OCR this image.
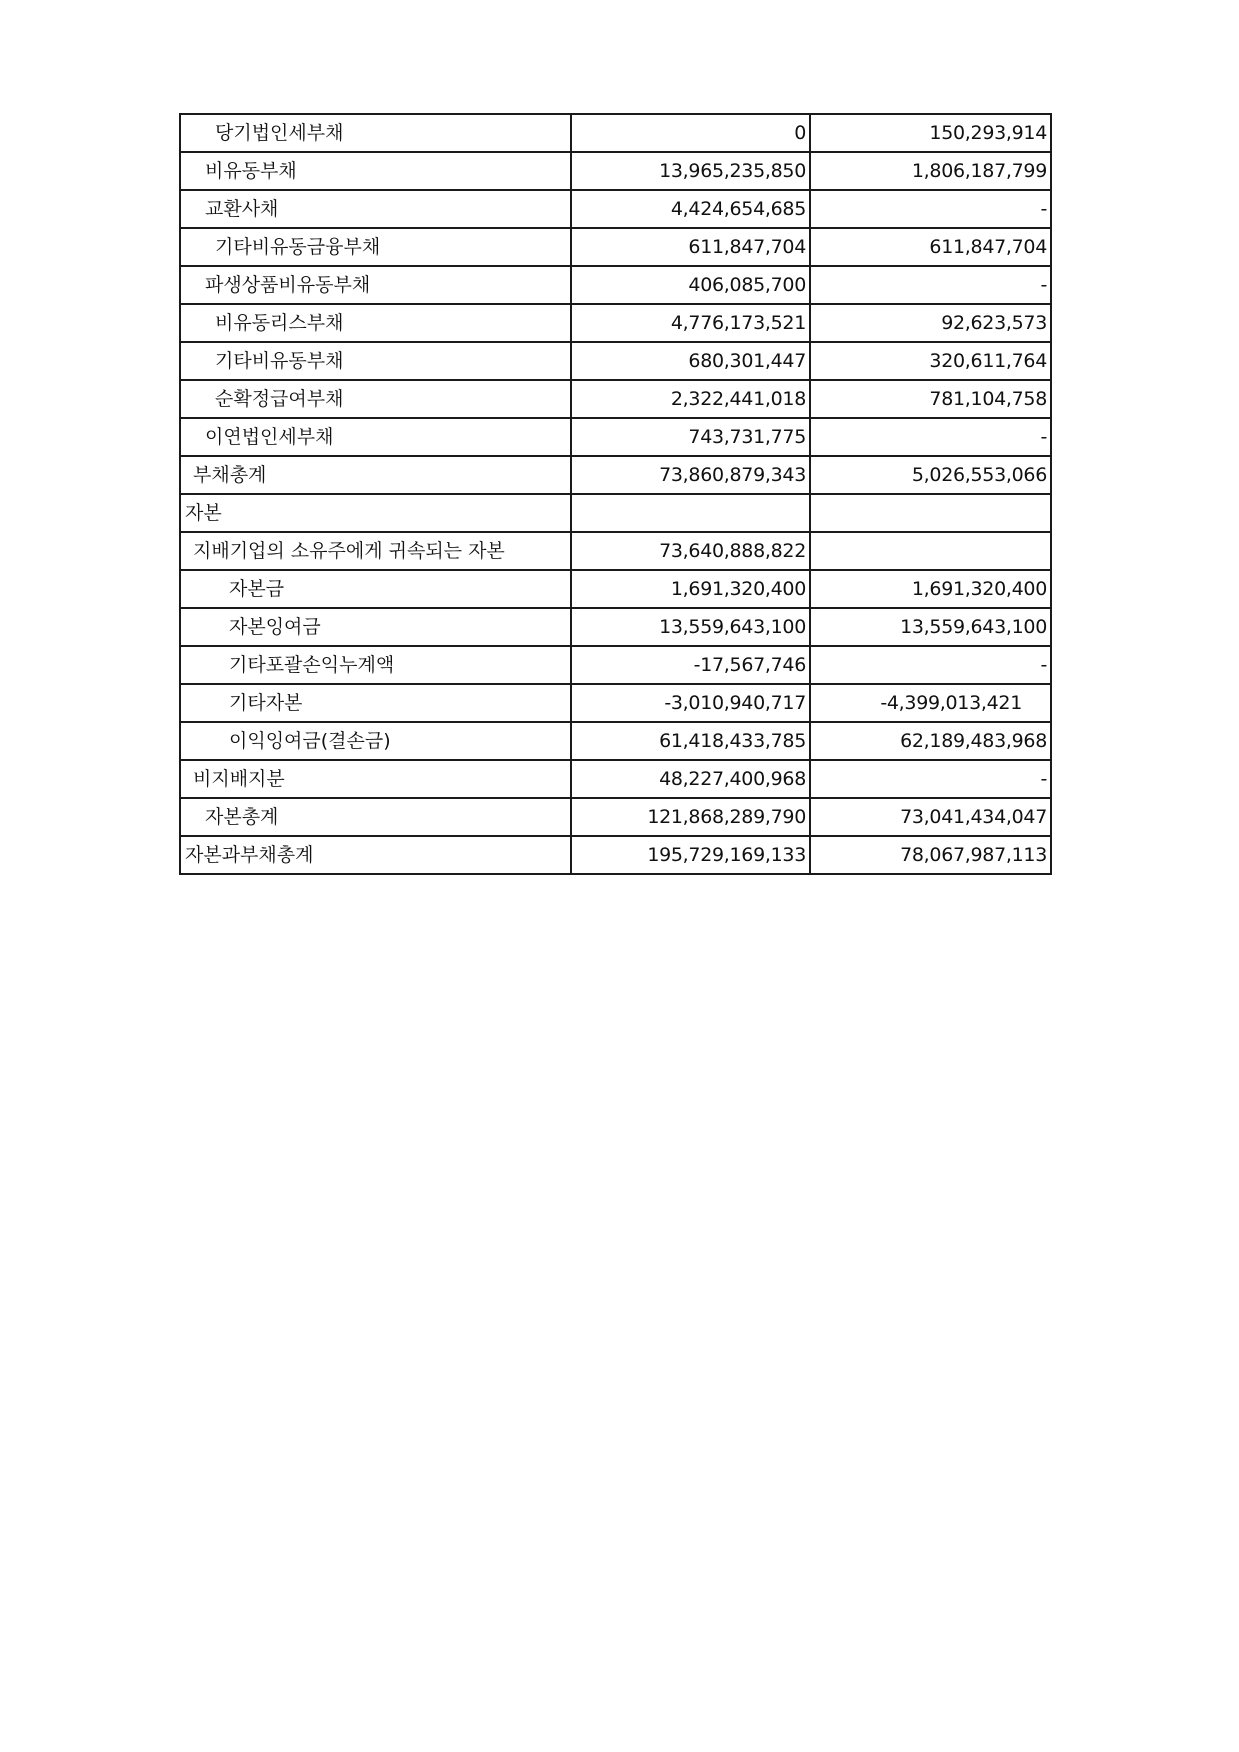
당기법인세부채	0	150,293,914
비유동부채	13,965,235,850	1,806,187,799
교환사채	4,424,654,685	-
기타비유동금융부채	611,847,704	611,847,704
파생상품비유동부채	406,085,700	-
비유동리스부채	4,776,173,521	92,623,573
기타비유동부채	680,301,447	320,611,764
순확정급여부채	2,322,441,018	781,104,758
이연법인세부채	743,731,775	-
부채총계	73,860,879,343	5,026,553,066
자본		
지배기업의 소유주에게 귀속되는 자본	73,640,888,822	
자본금	1,691,320,400	1,691,320,400
자본잉여금	13,559,643,100	13,559,643,100
기타포괄손익누계액	-17,567,746	-
기타자본	-3,010,940,717	-4,399,013,421
이익잉여금(결손금)	61,418,433,785	62,189,483,968
비지배지분	48,227,400,968	-
자본총계	121,868,289,790	73,041,434,047
자본과부채총계	195,729,169,133	78,067,987,113
